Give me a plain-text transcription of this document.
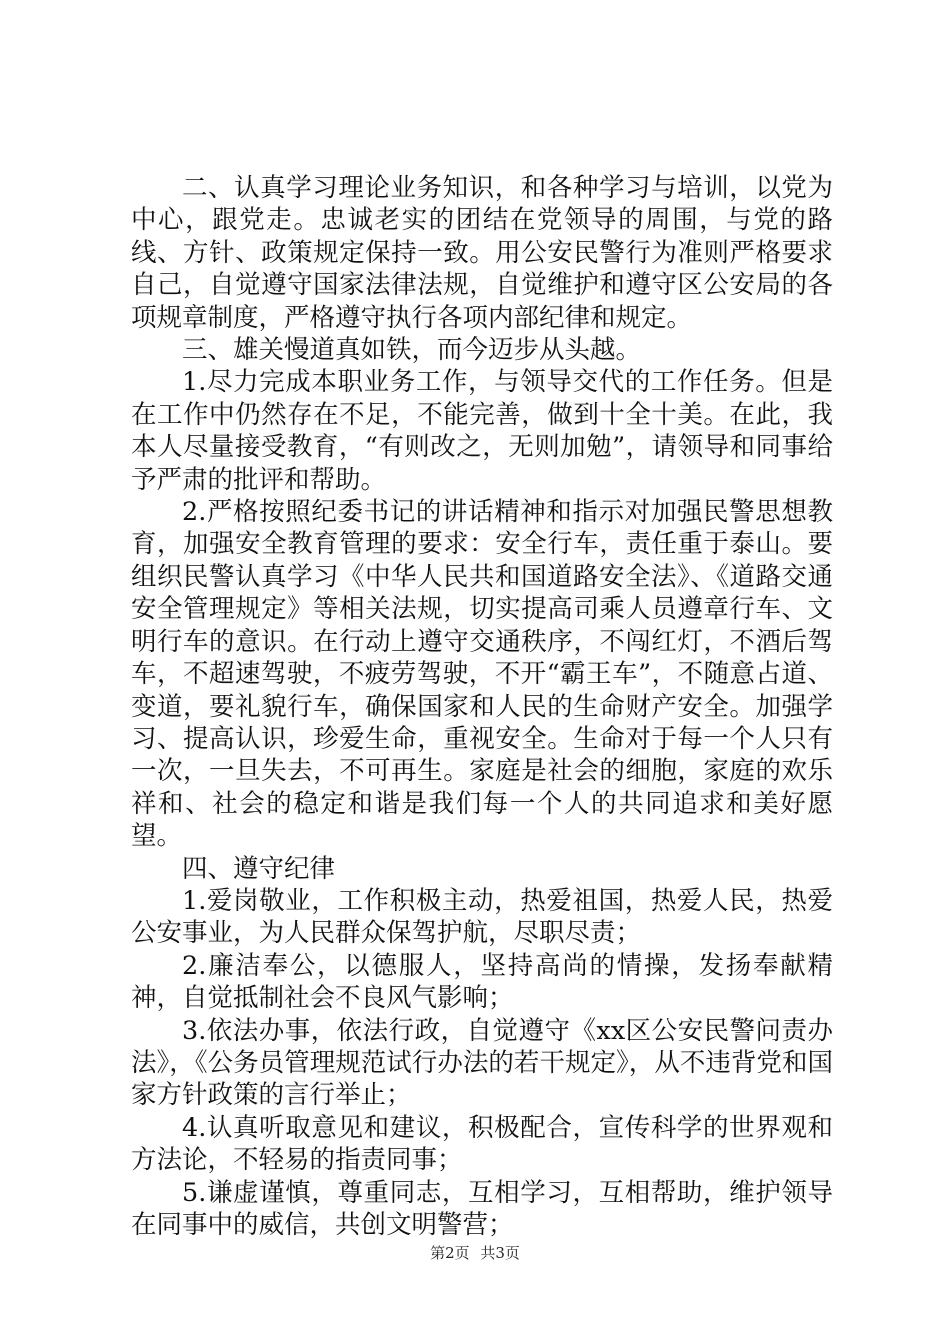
二、认真学习理论业务知识，和各种学习与培训，以党为中心，跟党走。忠诚老实的团结在党领导的周围，与党的路线、方针、政策规定保持一致。用公安民警行为准则严格要求自己，自觉遵守国家法律法规，自觉维护和遵守区公安局的各项规章制度，严格遵守执行各项内部纪律和规定。

三、雄关慢道真如铁，而今迈步从头越。

1.尽力完成本职业务工作，与领导交代的工作任务。但是在工作中仍然存在不足，不能完善，做到十全十美。在此，我本人尽量接受教育，“有则改之，无则加勉”，请领导和同事给予严肃的批评和帮助。

2.严格按照纪委书记的讲话精神和指示对加强民警思想教育，加强安全教育管理的要求：安全行车，责任重于泰山。要组织民警认真学习《中华人民共和国道路安全法》、《道路交通安全管理规定》等相关法规，切实提高司乘人员遵章行车、文明行车的意识。在行动上遵守交通秩序，不闯红灯，不酒后驾车，不超速驾驶，不疲劳驾驶，不开“霸王车”，不随意占道、变道，要礼貌行车，确保国家和人民的生命财产安全。加强学习、提高认识，珍爱生命，重视安全。生命对于每一个人只有一次，一旦失去，不可再生。家庭是社会的细胞，家庭的欢乐祥和、社会的稳定和谐是我们每一个人的共同追求和美好愿望。

四、遵守纪律

1.爱岗敬业，工作积极主动，热爱祖国，热爱人民，热爱公安事业，为人民群众保驾护航，尽职尽责；

2.廉洁奉公，以德服人，坚持高尚的情操，发扬奉献精神，自觉抵制社会不良风气影响；

3.依法办事，依法行政，自觉遵守《xx区公安民警问责办法》，《公务员管理规范试行办法的若干规定》，从不违背党和国家方针政策的言行举止；

4.认真听取意见和建议，积极配合，宣传科学的世界观和方法论，不轻易的指责同事；

5.谦虚谨慎，尊重同志，互相学习，互相帮助，维护领导在同事中的威信，共创文明警营；

第2页 共3页
